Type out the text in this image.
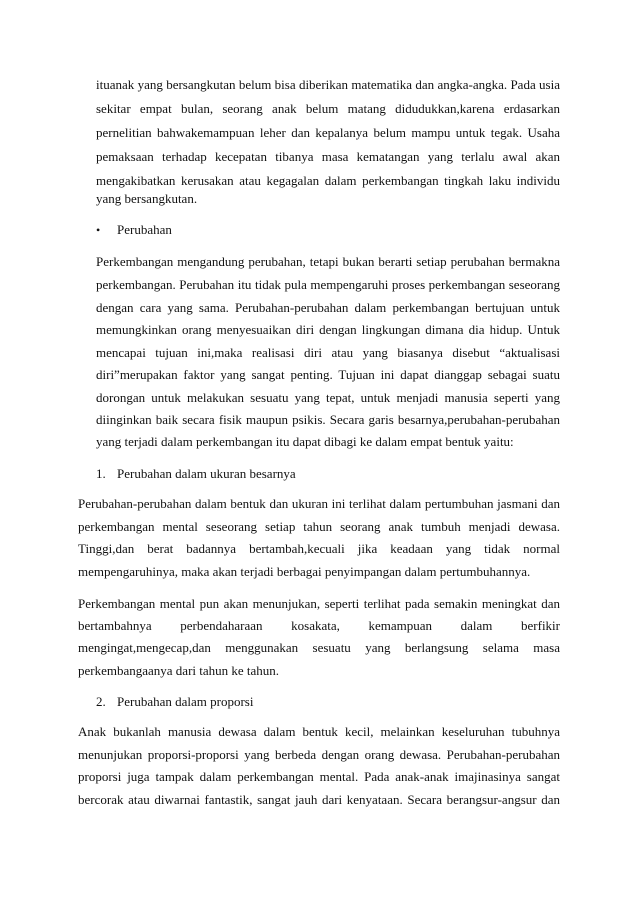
ituanak yang bersangkutan belum bisa diberikan matematika dan angka-angka. Pada usia

sekitar empat bulan, seorang anak belum matang didudukkan,karena erdasarkan

pernelitian bahwakemampuan leher dan kepalanya belum mampu untuk tegak. Usaha

pemaksaan terhadap kecepatan tibanya masa kematangan yang terlalu awal akan

mengakibatkan kerusakan atau kegagalan dalam perkembangan tingkah laku individu

yang bersangkutan.

• Perubahan

Perkembangan mengandung perubahan, tetapi bukan berarti setiap perubahan bermakna

perkembangan. Perubahan itu tidak pula mempengaruhi proses perkembangan seseorang

dengan cara yang sama. Perubahan-perubahan dalam perkembangan bertujuan untuk

memungkinkan orang menyesuaikan diri dengan lingkungan dimana dia hidup. Untuk

mencapai tujuan ini,maka realisasi diri atau yang biasanya disebut “aktualisasi

diri”merupakan faktor yang sangat penting. Tujuan ini dapat dianggap sebagai suatu

dorongan untuk melakukan sesuatu yang tepat, untuk menjadi manusia seperti yang

diinginkan baik secara fisik maupun psikis. Secara garis besarnya,perubahan-perubahan

yang terjadi dalam perkembangan itu dapat dibagi ke dalam empat bentuk yaitu:

1. Perubahan dalam ukuran besarnya

Perubahan-perubahan dalam bentuk dan ukuran ini terlihat dalam pertumbuhan jasmani dan

perkembangan mental seseorang setiap tahun seorang anak tumbuh menjadi dewasa.

Tinggi,dan berat badannya bertambah,kecuali jika keadaan yang tidak normal

mempengaruhinya, maka akan terjadi berbagai penyimpangan dalam pertumbuhannya.

Perkembangan mental pun akan menunjukan, seperti terlihat pada semakin meningkat dan

bertambahnya perbendaharaan kosakata, kemampuan dalam berfikir

mengingat,mengecap,dan menggunakan sesuatu yang berlangsung selama masa

perkembangaanya dari tahun ke tahun.

2. Perubahan dalam proporsi

Anak bukanlah manusia dewasa dalam bentuk kecil, melainkan keseluruhan tubuhnya

menunjukan proporsi-proporsi yang berbeda dengan orang dewasa. Perubahan-perubahan

proporsi juga tampak dalam perkembangan mental. Pada anak-anak imajinasinya sangat

bercorak atau diwarnai fantastik, sangat jauh dari kenyataan. Secara berangsur-angsur dan
